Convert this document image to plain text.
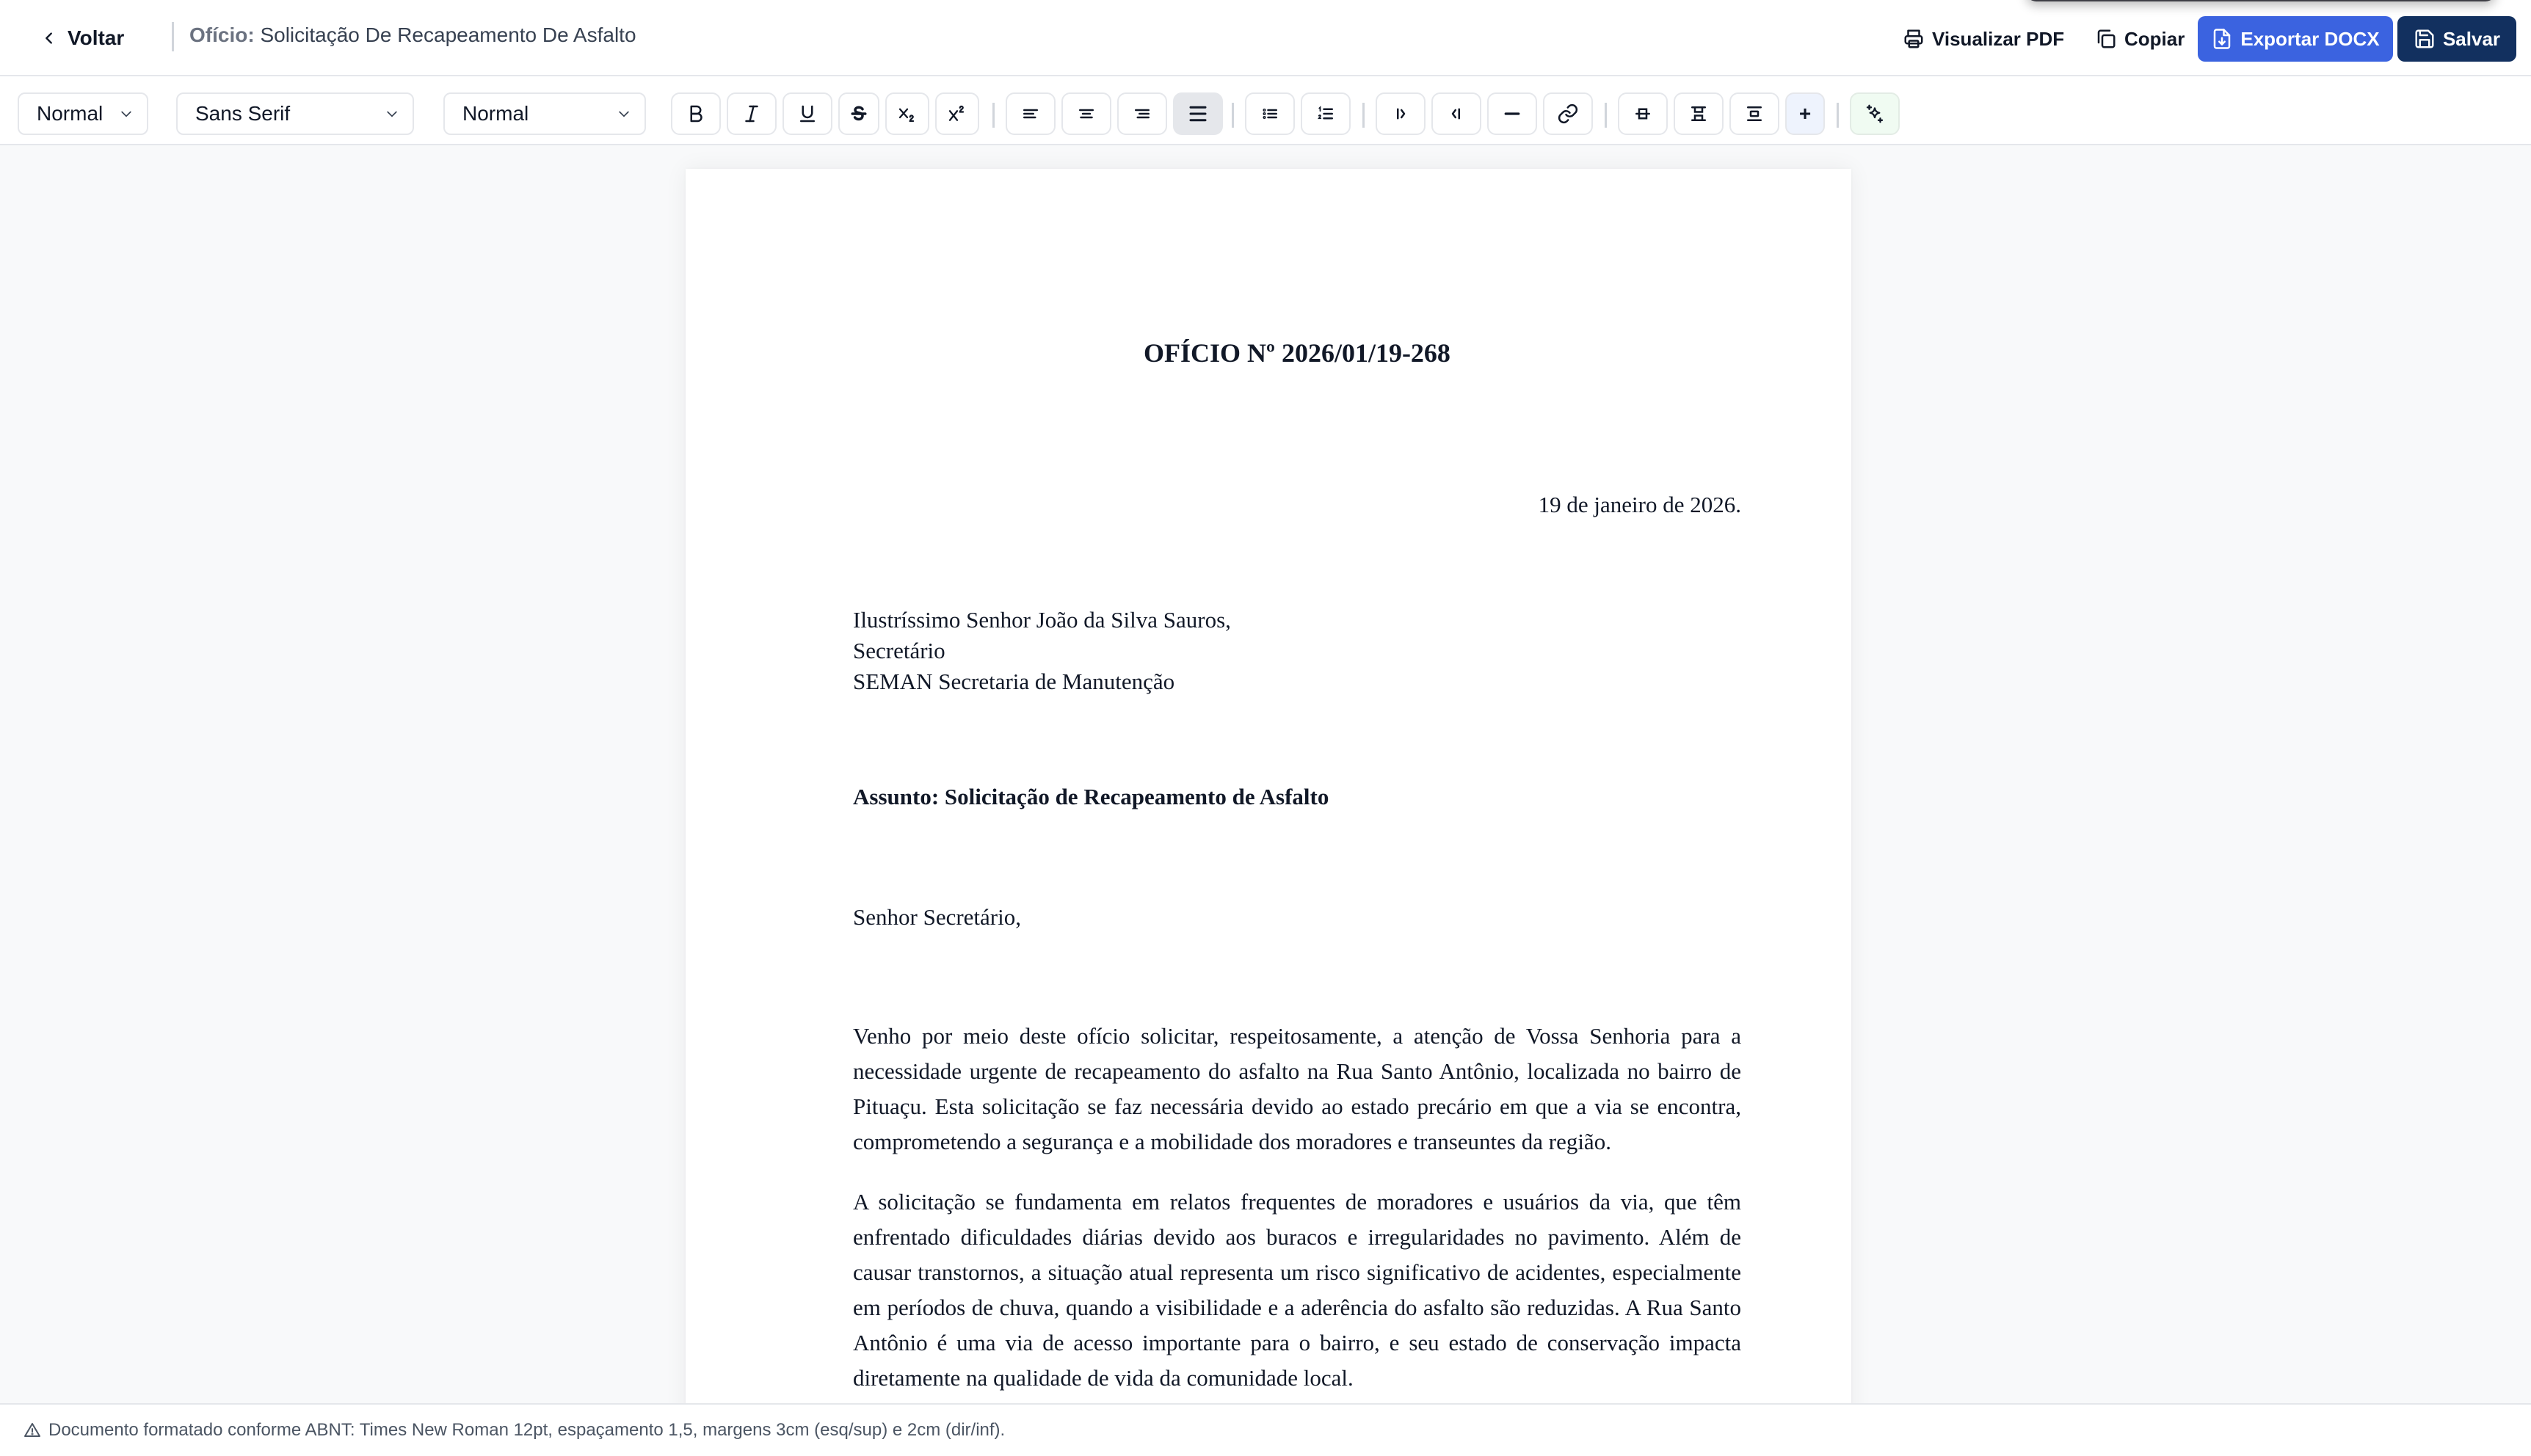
Voltar	Ofício: Solicitação De Recapeamento De Asfalto	Visualizar PDF	Copiar	Exportar DOCX	Salvar
Normal	Sans Serif	Normal	+
OFÍCIO Nº 2026/01/19-268
19 de janeiro de 2026.
Ilustríssimo Senhor João da Silva Sauros,
Secretário
SEMAN Secretaria de Manutenção
Assunto: Solicitação de Recapeamento de Asfalto
Senhor Secretário,

Venho por meio deste ofício solicitar, respeitosamente, a atenção de Vossa Senhoria para a necessidade urgente de recapeamento do asfalto na Rua Santo Antônio, localizada no bairro de Pituaçu. Esta solicitação se faz necessária devido ao estado precário em que a via se encontra, comprometendo a segurança e a mobilidade dos moradores e transeuntes da região.

A solicitação se fundamenta em relatos frequentes de moradores e usuários da via, que têm enfrentado dificuldades diárias devido aos buracos e irregularidades no pavimento. Além de causar transtornos, a situação atual representa um risco significativo de acidentes, especialmente em períodos de chuva, quando a visibilidade e a aderência do asfalto são reduzidas. A Rua Santo Antônio é uma via de acesso importante para o bairro, e seu estado de conservação impacta diretamente na qualidade de vida da comunidade local.

Documento formatado conforme ABNT: Times New Roman 12pt, espaçamento 1,5, margens 3cm (esq/sup) e 2cm (dir/inf).
